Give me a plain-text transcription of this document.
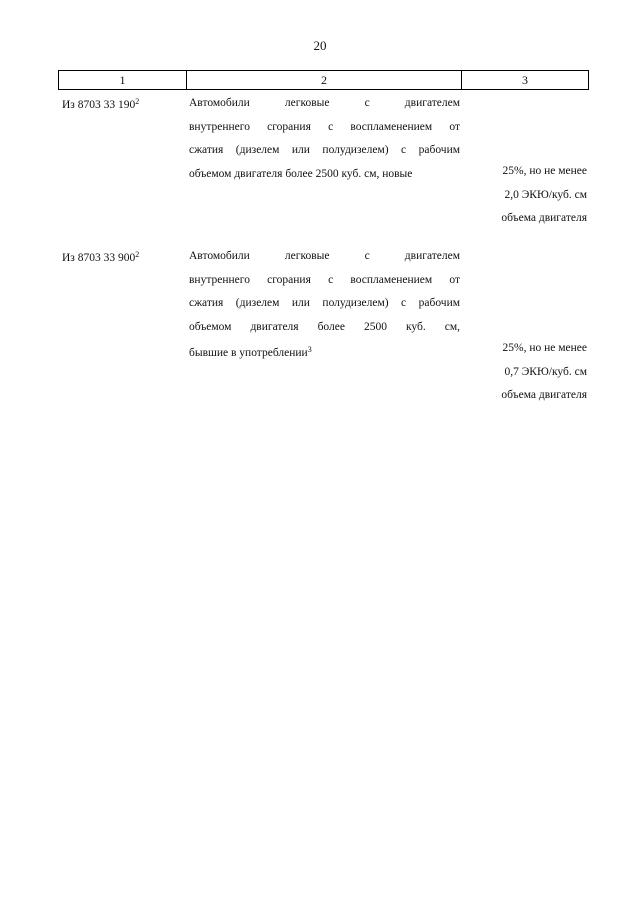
20
1	2	3
Из 8703 33 $190^2$	Автомобили легковые с двигателем
внутреннего сгорания с воспламенением от
сжатия (дизелем или полудизелем) с рабочим
объемом двигателя более 2500 куб. см, новые	25%, но не менее
2,0 ЭКЮ/куб. см
объема двигателя
Из 8703 33 $900^2$	Автомобили легковые с двигателем
внутреннего сгорания с воспламенением от
сжатия (дизелем или полудизелем) с рабочим
объемом двигателя более 2500 куб. см,
бывшие в употреблении$^3$	25%, но не менее
0,7 ЭКЮ/куб. см
объема двигателя
